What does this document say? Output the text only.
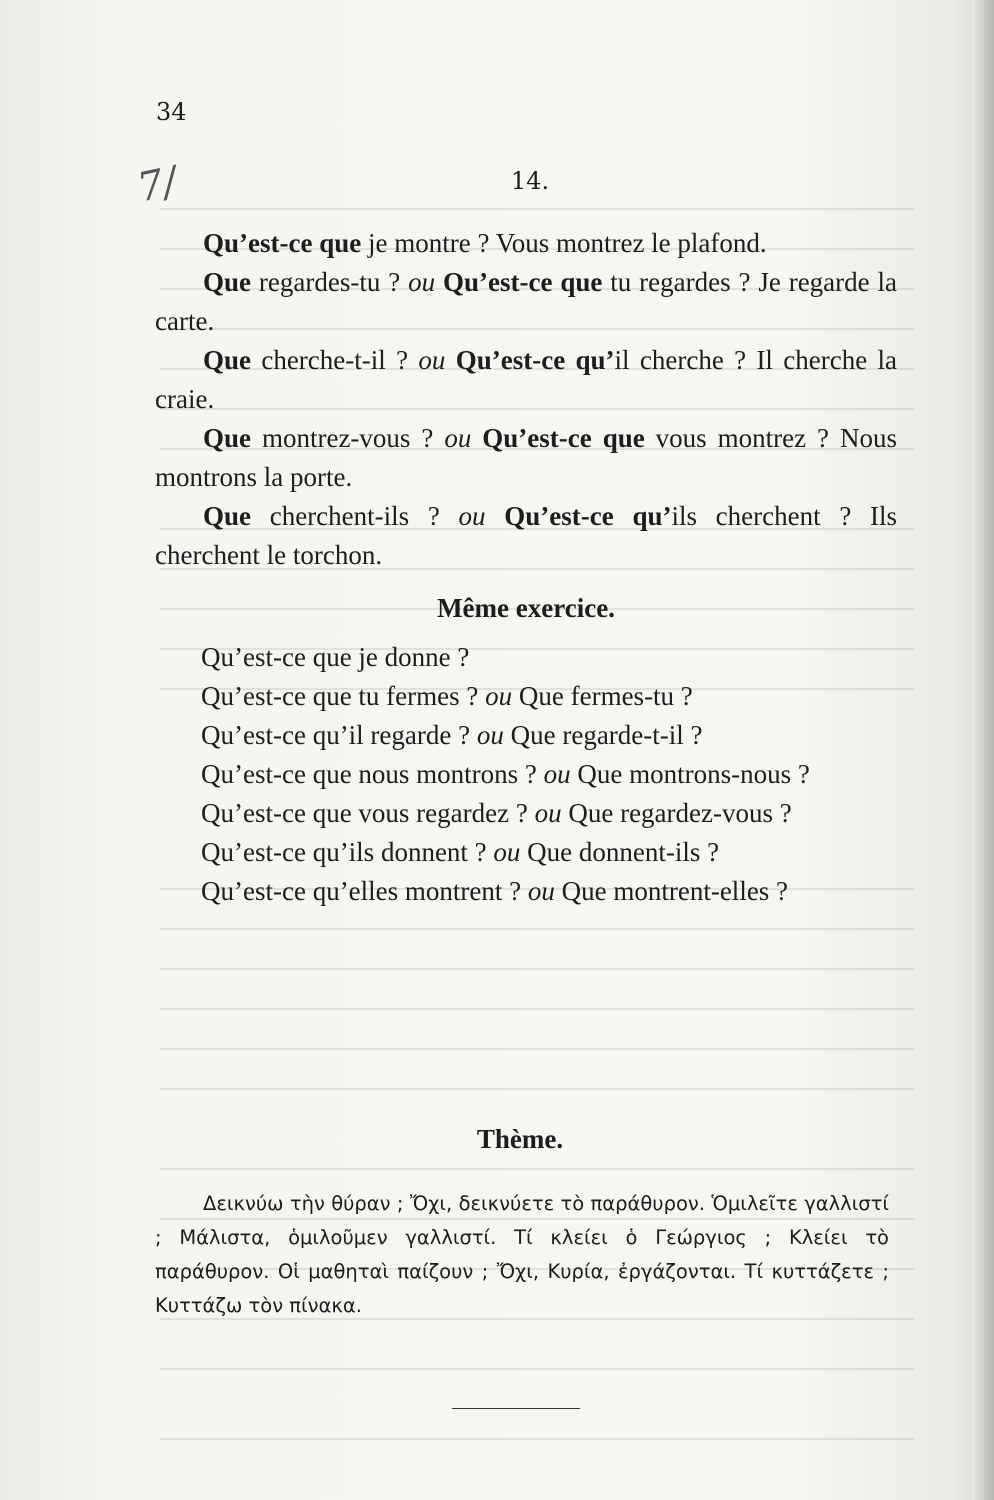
34
7/	14.

Qu’est-ce que je montre ? Vous montrez le plafond.

Que regardes-tu ? ou Qu’est-ce que tu regardes ? Je regarde la carte.

Que cherche-t-il ? ou Qu’est-ce qu’il cherche ? Il cherche la craie.

Que montrez-vous ? ou Qu’est-ce que vous montrez ? Nous montrons la porte.

Que cherchent-ils ? ou Qu’est-ce qu’ils cherchent ? Ils cherchent le torchon.

Même exercice.

Qu’est-ce que je donne ?

Qu’est-ce que tu fermes ? ou Que fermes-tu ?

Qu’est-ce qu’il regarde ? ou Que regarde-t-il ?

Qu’est-ce que nous montrons ? ou Que montrons-nous ?

Qu’est-ce que vous regardez ? ou Que regardez-vous ?

Qu’est-ce qu’ils donnent ? ou Que donnent-ils ?

Qu’est-ce qu’elles montrent ? ou Que montrent-elles ?

Thème.
Δεικνύω τὴν θύραν ; Ὄχι, δεικνύετε τὸ παράθυρον. Ὁμιλεῖτε γαλλιστί ; Μάλιστα, ὁμιλοῦμεν γαλλιστί. Τί κλείει ὁ Γεώργιος ; Κλείει τὸ παράθυρον. Οἱ μαθηταὶ παίζουν ; Ὄχι, Κυρία, ἐργάζονται. Τί κυττάζετε ; Κυττάζω τὸν πίνακα.
